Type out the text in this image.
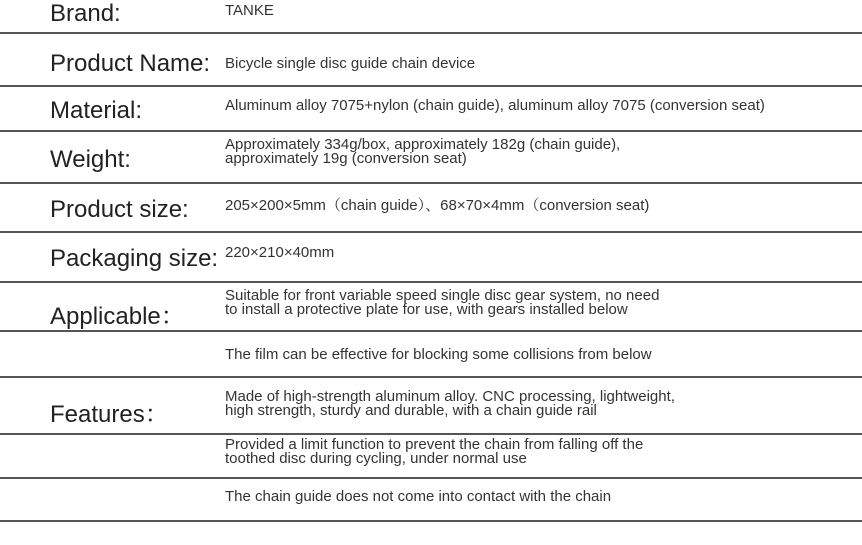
Brand:	TANKE
Product Name: Bicycle single disc guide chain device
Material:	Aluminum alloy 7075+nylon (chain guide), aluminum alloy 7075 (conversion seat)
Weight:
Approximately 334g/box, approximately 182g (chain guide),
approximately 19g (conversion seat)
Product size: 205×200×5mm（chain guide）、68×70×4mm（conversion seat)
Packaging size: 220×210×40mm
Applicable：
Suitable for front variable speed single disc gear system, no need
to install a protective plate for use, with gears installed below
The film can be effective for blocking some collisions from below
Features：
Made of high-strength aluminum alloy. CNC processing, lightweight,
high strength, sturdy and durable, with a chain guide rail
Provided a limit function to prevent the chain from falling off the
toothed disc during cycling, under normal use
The chain guide does not come into contact with the chain
